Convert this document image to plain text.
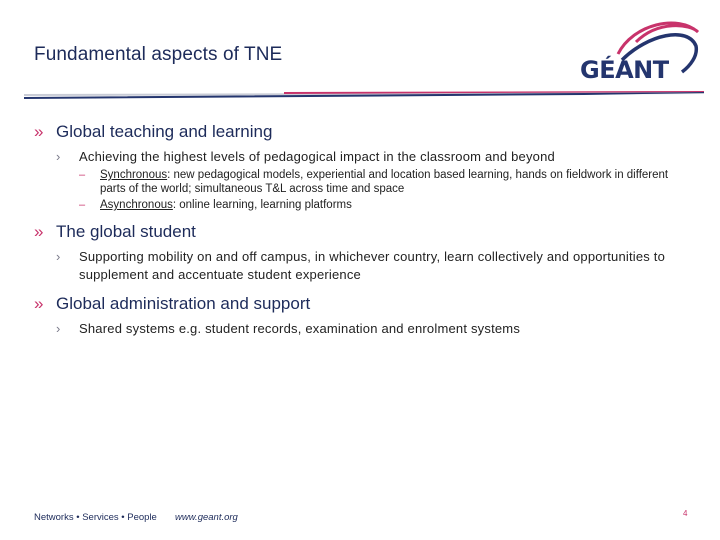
Fundamental aspects of TNE
GÉANT
» Global teaching and learning
›	Achieving the highest levels of pedagogical impact in the classroom and beyond
–	Synchronous: new pedagogical models, experiential and location based learning, hands on fieldwork in different parts of the world; simultaneous T&L across time and space
–	Asynchronous: online learning, learning platforms
» The global student
›	Supporting mobility on and off campus, in whichever country, learn collectively and opportunities to supplement and accentuate student experience
» Global administration and support
›	Shared systems e.g. student records, examination and enrolment systems
Networks • Services • People www.geant.org	4
